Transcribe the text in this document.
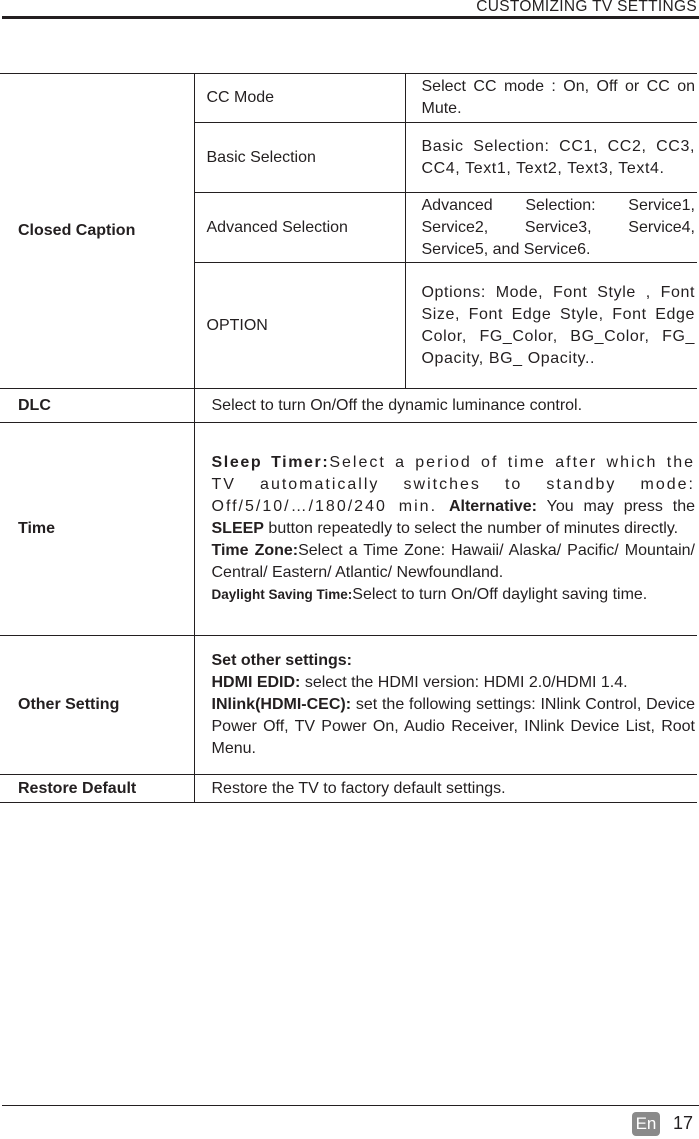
CUSTOMIZING TV SETTINGS
Closed Caption	CC Mode	Select CC mode : On, Off or CC on Mute.
	Basic Selection	Basic Selection: CC1, CC2, CC3, CC4, Text1, Text2, Text3, Text4.
	Advanced Selection	Advanced Selection: Service1, Service2, Service3, Service4, Service5, and Service6.
	OPTION	Options: Mode, Font Style , Font Size, Font Edge Style, Font Edge Color, FG_Color, BG_Color, FG_ Opacity, BG_ Opacity..
DLC	Select to turn On/Off the dynamic luminance control.	
Time	Sleep Timer:Select a period of time after which the TV automatically switches to standby mode: Off/5/10/…/180/240 min. Alternative: You may press the SLEEP button repeatedly to select the number of minutes directly.
Time Zone:Select a Time Zone: Hawaii/ Alaska/ Pacific/ Mountain/ Central/ Eastern/ Atlantic/ Newfoundland.
Daylight Saving Time:Select to turn On/Off daylight saving time.	

Other Setting	Set other settings:
HDMI EDID: select the HDMI version: HDMI 2.0/HDMI 1.4.
INlink(HDMI-CEC): set the following settings: INlink Control, Device Power Off, TV Power On, Audio Receiver, INlink Device List, Root Menu.	

Restore Default	Restore the TV to factory default settings.	
En 17
